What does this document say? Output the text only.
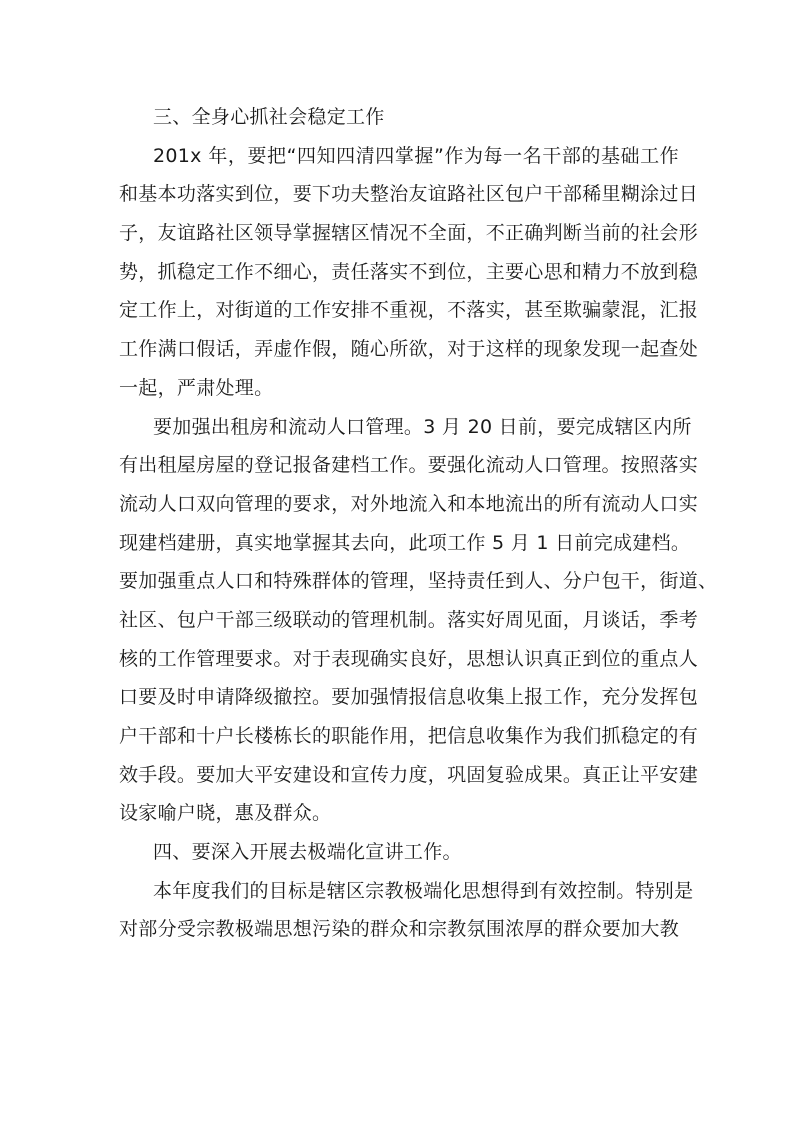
三、全身心抓社会稳定工作
201x 年，要把“四知四清四掌握”作为每一名干部的基础工作
和基本功落实到位，要下功夫整治友谊路社区包户干部稀里糊涂过日
子，友谊路社区领导掌握辖区情况不全面，不正确判断当前的社会形
势，抓稳定工作不细心，责任落实不到位，主要心思和精力不放到稳
定工作上，对街道的工作安排不重视，不落实，甚至欺骗蒙混，汇报
工作满口假话，弄虚作假，随心所欲，对于这样的现象发现一起查处
一起，严肃处理。
要加强出租房和流动人口管理。3 月 20 日前，要完成辖区内所
有出租屋房屋的登记报备建档工作。要强化流动人口管理。按照落实
流动人口双向管理的要求，对外地流入和本地流出的所有流动人口实
现建档建册，真实地掌握其去向，此项工作 5 月 1 日前完成建档。
要加强重点人口和特殊群体的管理，坚持责任到人、分户包干，街道、
社区、包户干部三级联动的管理机制。落实好周见面，月谈话，季考
核的工作管理要求。对于表现确实良好，思想认识真正到位的重点人
口要及时申请降级撤控。要加强情报信息收集上报工作，充分发挥包
户干部和十户长楼栋长的职能作用，把信息收集作为我们抓稳定的有
效手段。要加大平安建设和宣传力度，巩固复验成果。真正让平安建
设家喻户晓，惠及群众。
四、要深入开展去极端化宣讲工作。
本年度我们的目标是辖区宗教极端化思想得到有效控制。特别是
对部分受宗教极端思想污染的群众和宗教氛围浓厚的群众要加大教
